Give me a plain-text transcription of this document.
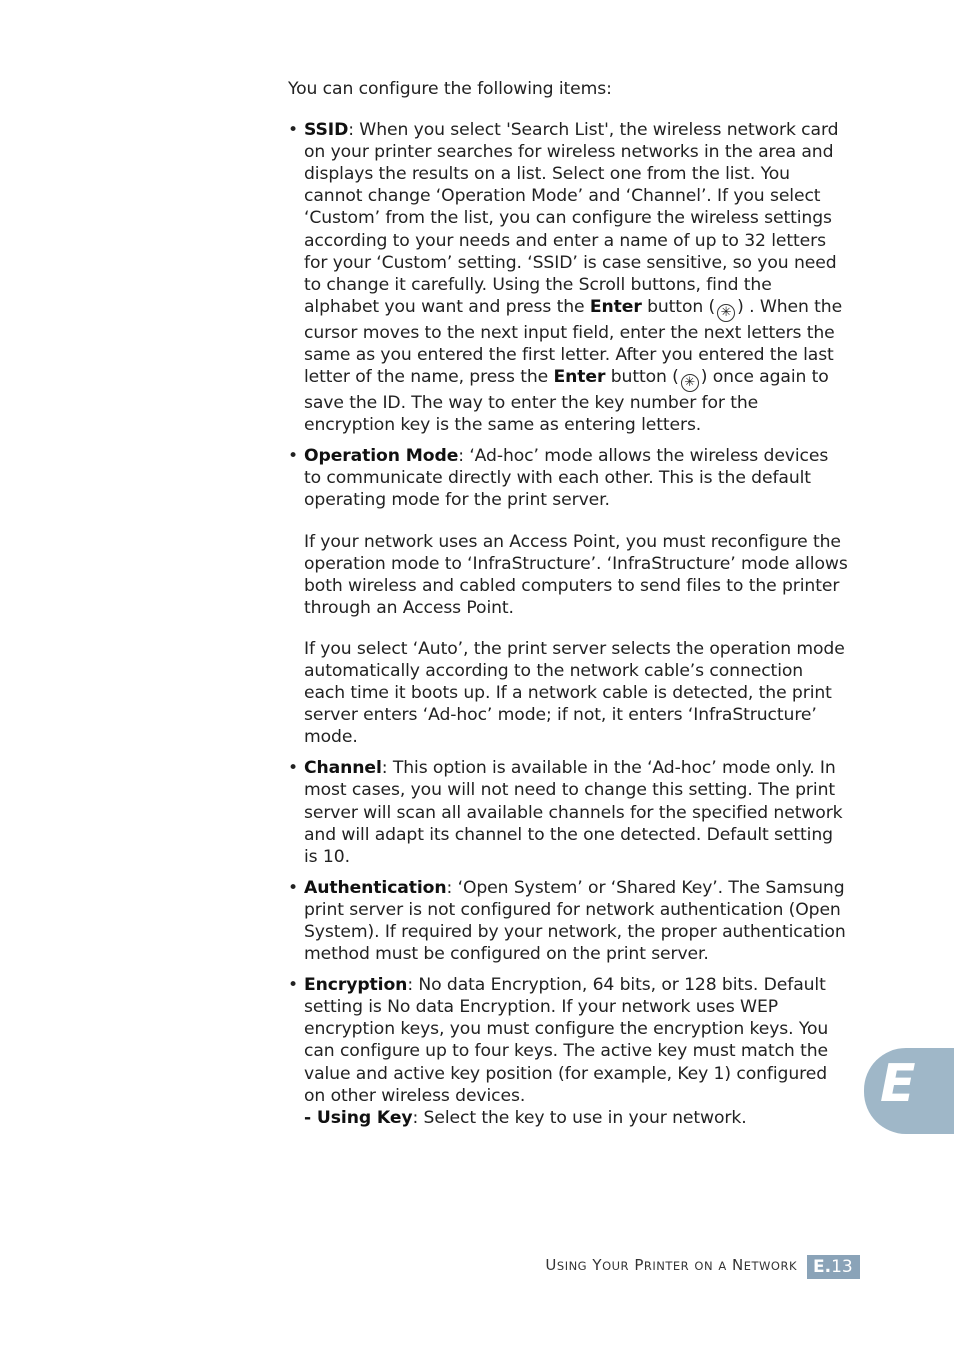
You can configure the following items:

• SSID: When you select 'Search List', the wireless network card on your printer searches for wireless networks in the area and displays the results on a list. Select one from the list. You cannot change ‘Operation Mode’ and ‘Channel’. If you select ‘Custom’ from the list, you can configure the wireless settings according to your needs and enter a name of up to 32 letters for your ‘Custom’ setting. ‘SSID’ is case sensitive, so you need to change it carefully. Using the Scroll buttons, find the alphabet you want and press the Enter button ( ✳ ) . When the cursor moves to the next input field, enter the next letters the same as you entered the first letter. After you entered the last letter of the name, press the Enter button ( ✳ ) once again to save the ID. The way to enter the key number for the encryption key is the same as entering letters.

• Operation Mode: ‘Ad-hoc’ mode allows the wireless devices to communicate directly with each other. This is the default operating mode for the print server.

If your network uses an Access Point, you must reconfigure the operation mode to ‘InfraStructure’. ‘InfraStructure’ mode allows both wireless and cabled computers to send files to the printer through an Access Point.

If you select ‘Auto’, the print server selects the operation mode automatically according to the network cable’s connection each time it boots up. If a network cable is detected, the print server enters ‘Ad-hoc’ mode; if not, it enters ‘InfraStructure’ mode.

• Channel: This option is available in the ‘Ad-hoc’ mode only. In most cases, you will not need to change this setting. The print server will scan all available channels for the specified network and will adapt its channel to the one detected. Default setting is 10.

• Authentication: ‘Open System’ or ‘Shared Key’. The Samsung print server is not configured for network authentication (Open System). If required by your network, the proper authentication method must be configured on the print server.

• Encryption: No data Encryption, 64 bits, or 128 bits. Default setting is No data Encryption. If your network uses WEP encryption keys, you must configure the encryption keys. You can configure up to four keys. The active key must match the value and active key position (for example, Key 1) configured on other wireless devices.

- Using Key: Select the key to use in your network.

E
USING YOUR PRINTER ON A NETWORK E.13
